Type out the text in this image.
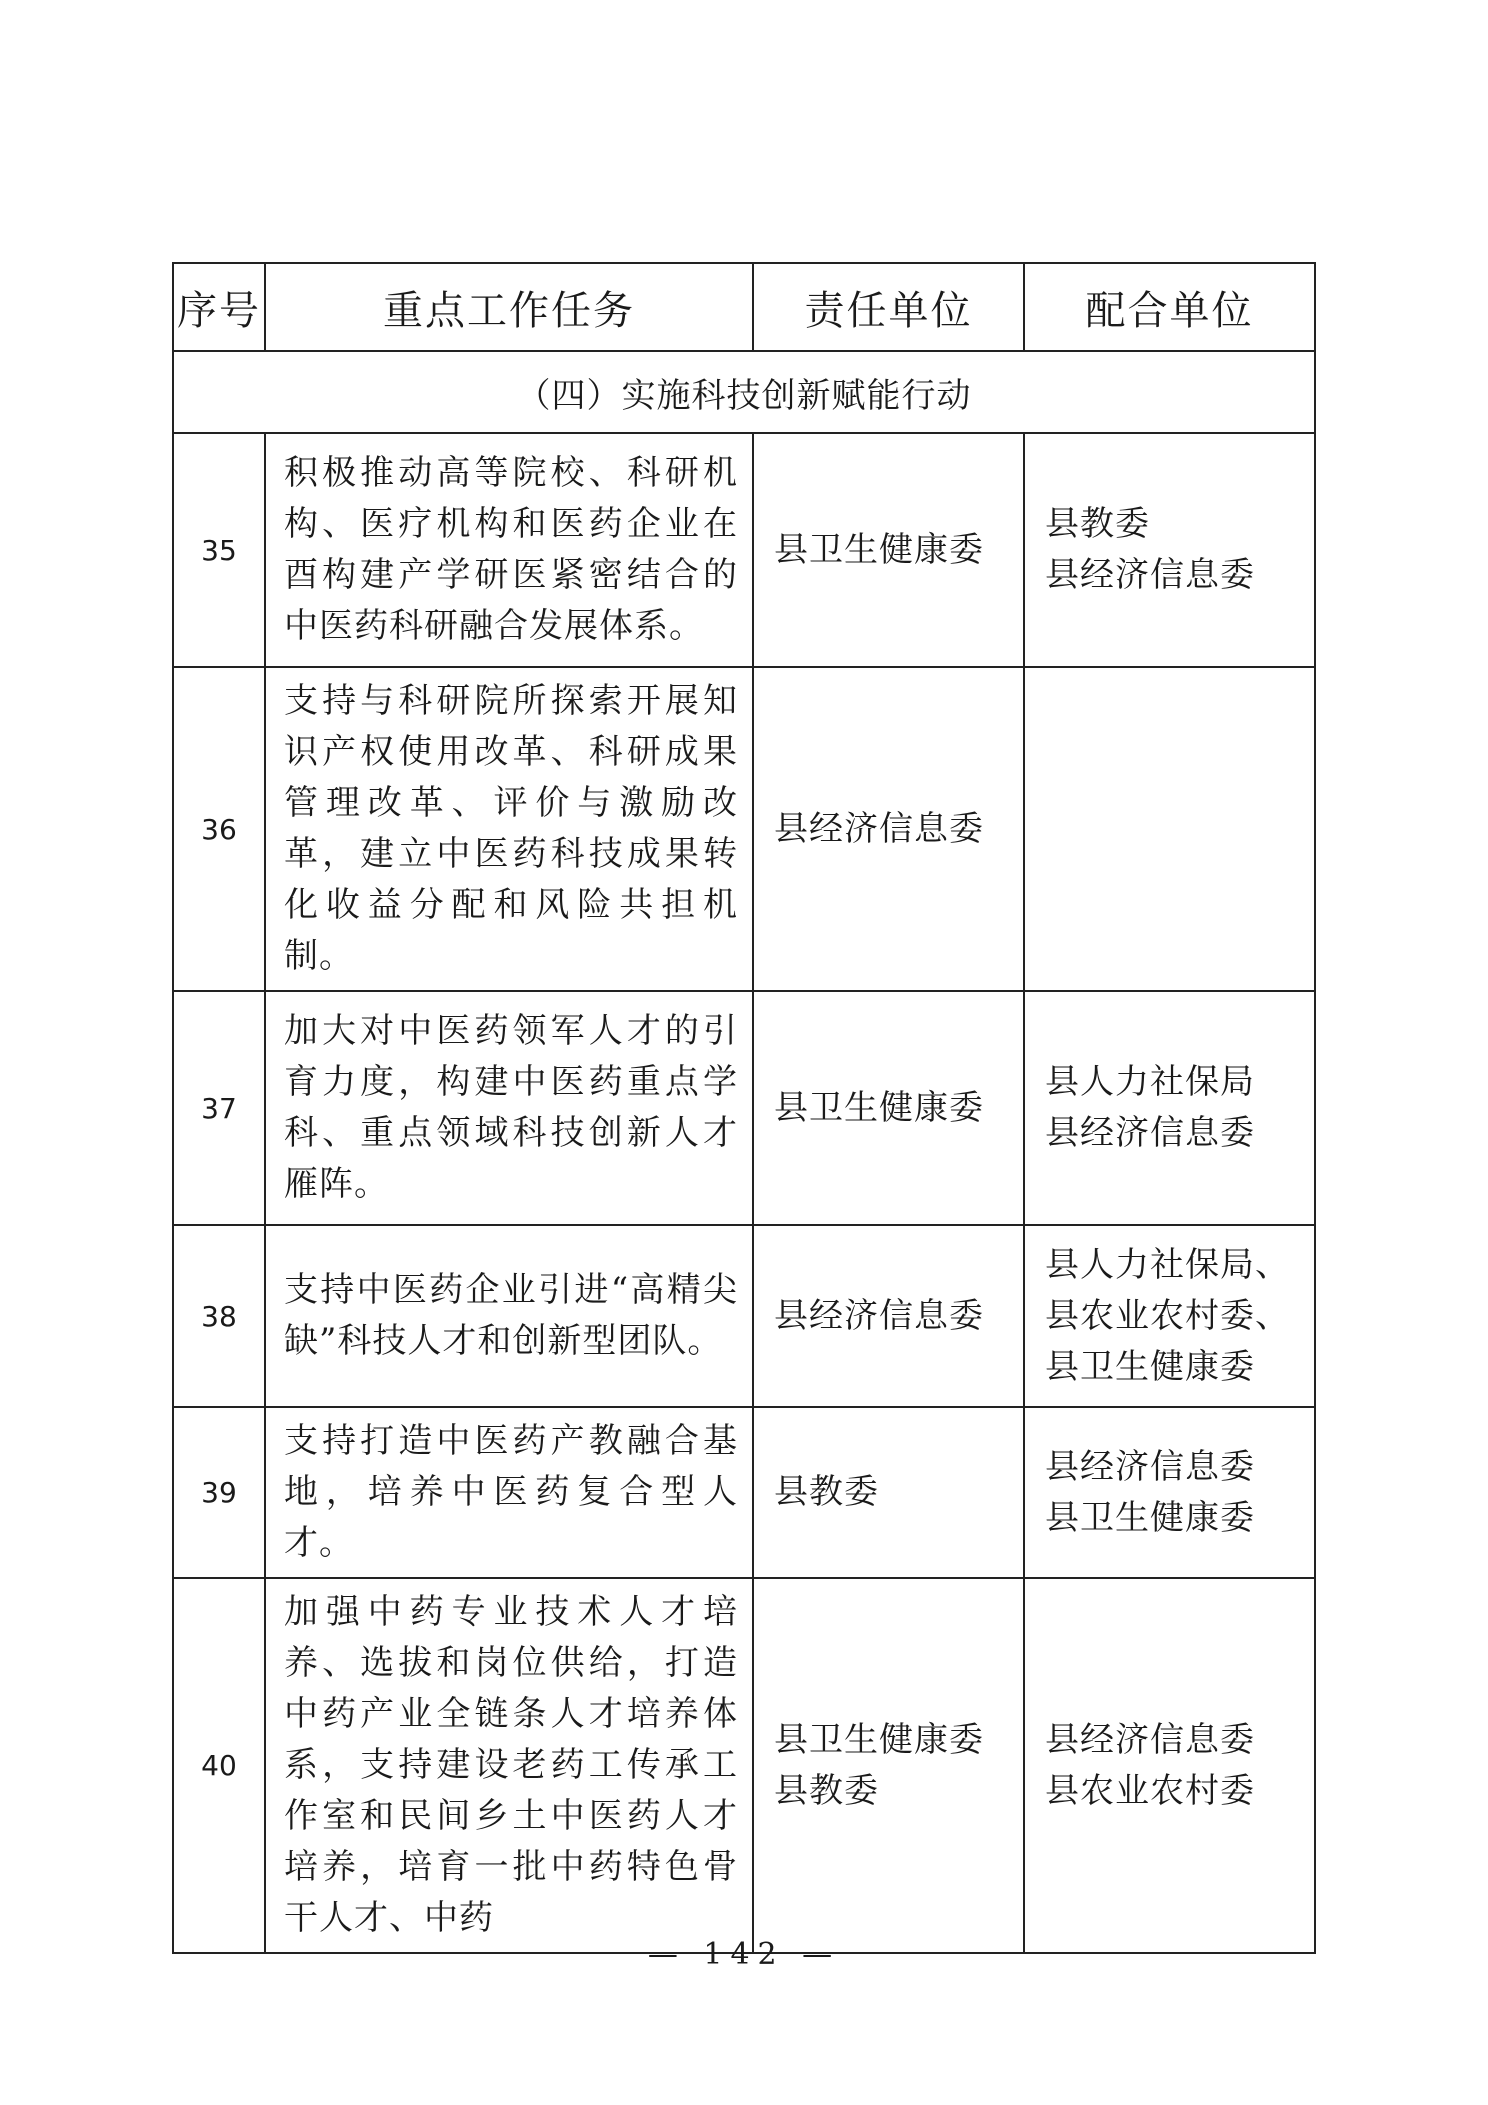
序号	重点工作任务	责任单位	配合单位
（四）实施科技创新赋能行动			
35	积极推动高等院校、科研机构、医疗机构和医药企业在酉构建产学研医紧密结合的中医药科研融合发展体系。	县卫生健康委	县教委
县经济信息委

36	支持与科研院所探索开展知识产权使用改革、科研成果管理改革、评价与激励改革，建立中医药科技成果转化收益分配和风险共担机制。	县经济信息委	

37	加大对中医药领军人才的引育力度，构建中医药重点学科、重点领域科技创新人才雁阵。	县卫生健康委	县人力社保局
县经济信息委

38	支持中医药企业引进“高精尖缺”科技人才和创新型团队。	县经济信息委	县人力社保局、
县农业农村委、
县卫生健康委

39	支持打造中医药产教融合基地，培养中医药复合型人才。	县教委	县经济信息委
县卫生健康委

40	加强中药专业技术人才培养、选拔和岗位供给，打造中药产业全链条人才培养体系，支持建设老药工传承工作室和民间乡土中医药人才培养，培育一批中药特色骨干人才、中药	县卫生健康委
县教委	县经济信息委
县农业农村委
— 142 —
